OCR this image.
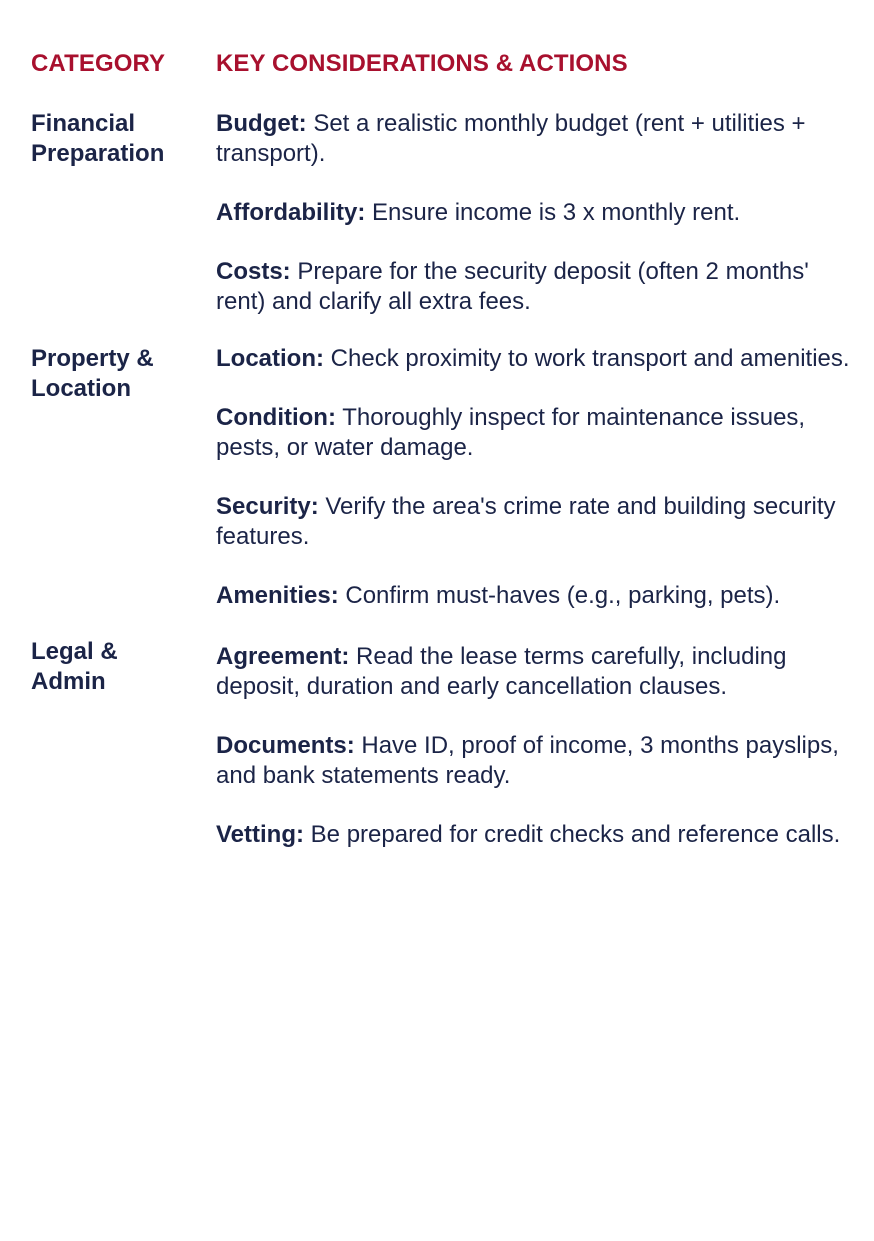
CATEGORY	KEY CONSIDERATIONS & ACTIONS
Financial
Preparation
Budget: Set a realistic monthly budget (rent + utilities + transport).
Affordability: Ensure income is 3 x monthly rent.
Costs: Prepare for the security deposit (often 2 months' rent) and clarify all extra fees.
Property &
Location
Location: Check proximity to work transport and amenities.
Condition: Thoroughly inspect for maintenance issues, pests, or water damage.
Security: Verify the area's crime rate and building security features.
Amenities: Confirm must-haves (e.g., parking, pets).
Legal &
Admin
Agreement: Read the lease terms carefully, including deposit, duration and early cancellation clauses.
Documents: Have ID, proof of income, 3 months payslips, and bank statements ready.
Vetting: Be prepared for credit checks and reference calls.
